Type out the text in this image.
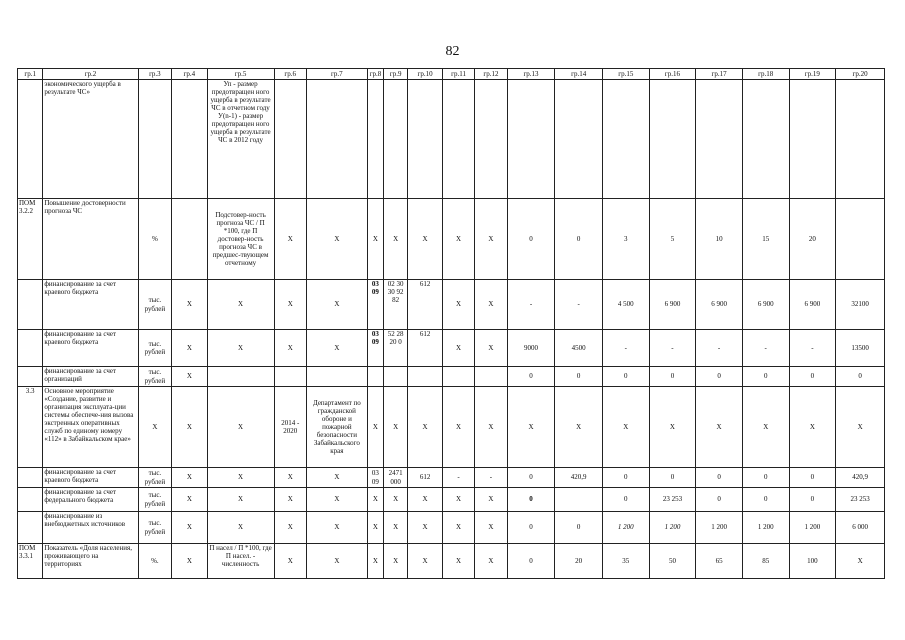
82
гр.1	гр.2	гр.3	гр.4	гр.5	гр.6	гр.7	гр.8	гр.9	гр.10	гр.11	гр.12	гр.13	гр.14	гр.15	гр.16	гр.17	гр.18	гр.19	гр.20
	экономического ущерба в результате ЧС»			Уп - размер предотвращен ного ущерба в результате ЧС в отчетном году У(n-1) - размер предотвращен ного ущерба в результате ЧС в 2012 году															
ПОМ 3.2.2	Повышение достоверности прогноза ЧС	%		Подстовер-ность прогноза ЧС / П *100, где П достовер-ность прогноза ЧС в предшес-твующем отчетному	X	X	X	X	X	X	X	0	0	3	5	10	15	20	
	финансирование за счет краевого бюджета	тыс. рублей	X	X	X	X	03 09	02 30 30 92 82	612	X	X	-	-	4 500	6 900	6 900	6 900	6 900	32100
	финансирование за счет краевого бюджета	тыс. рублей	X	X	X	X	03 09	52 28 20 0	612	X	X	9000	4500	-	-	-	-	-	13500
	финансирование за счет организаций	тыс. рублей	X									0	0	0	0	0	0	0	0
3.3	Основное мероприятие «Создание, развитие и организация эксплуата-ции системы обеспече-ния вызова экстренных оперативных служб по единому номеру «112» в Забайкальском крае»	X	X	X	2014 - 2020	Департамент по гражданской обороне и пожарной безопасности Забайкальского края	X	X	X	X	X	X	X	X	X	X	X	X	X
	финансирование за счет краевого бюджета	тыс. рублей	X	X	X	X	03 09	2471 000	612	-	-	0	420,9	0	0	0	0	0	420,9
	финансирование за счет федерального бюджета	тыс. рублей	X	X	X	X	X	X	X	X	X	0		0	23 253	0	0	0	23 253
	финансирование из внебюджетных источников	тыс. рублей	X	X	X	X	X	X	X	X	X	0	0	1 200	1 200	1 200	1 200	1 200	6 000
ПОМ 3.3.1	Показатель «Доля населения, проживающего на территориях	%.	X	П насел / П *100, где П насел. - численность	X	X	X	X	X	X	X	0	20	35	50	65	85	100	X
